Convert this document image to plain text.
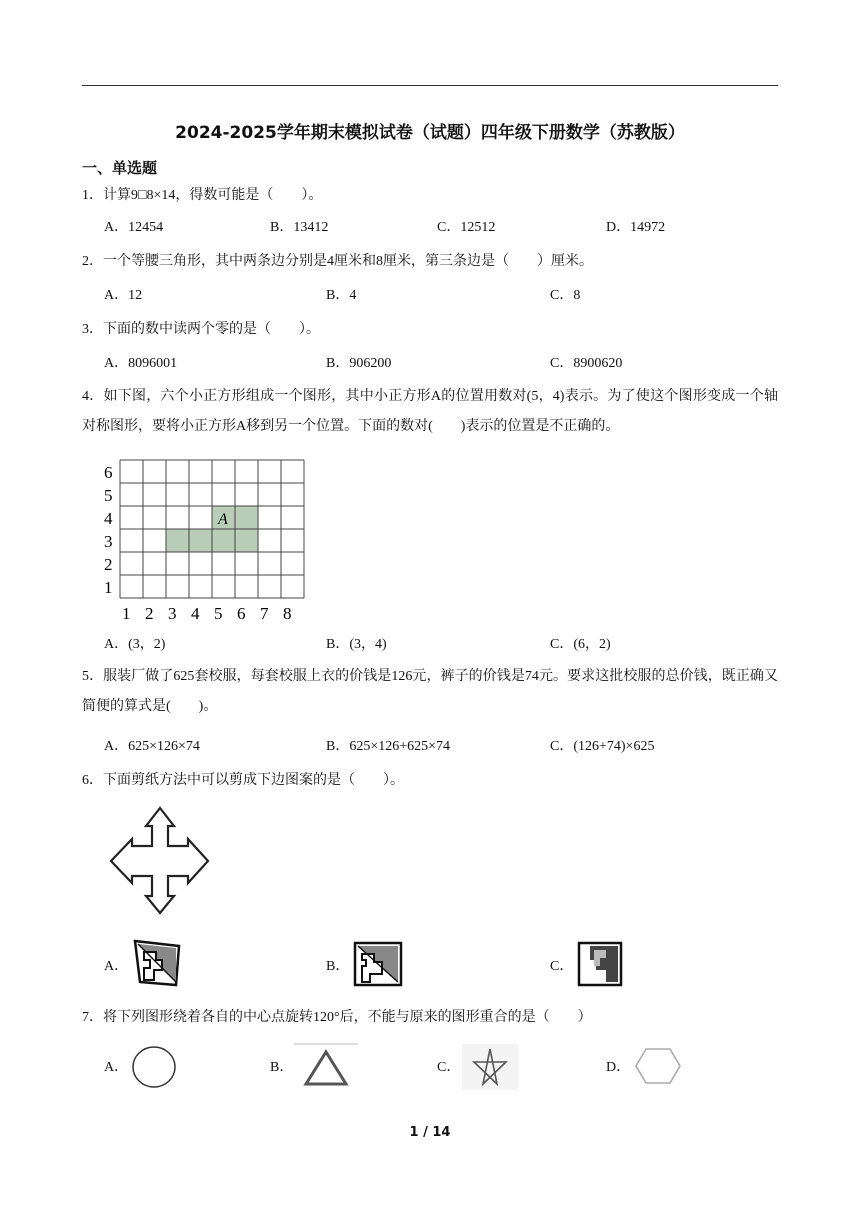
2024-2025学年期末模拟试卷（试题）四年级下册数学（苏教版）
一、单选题
1．计算9□8×14，得数可能是（　　）。
A．12454	B．13412	C．12512	D．14972
2．一个等腰三角形，其中两条边分别是4厘米和8厘米，第三条边是（　　）厘米。
A．12	B．4	C．8
3．下面的数中读两个零的是（　　）。
A．8096001	B．906200	C．8900620
4．如下图，六个小正方形组成一个图形，其中小正方形A的位置用数对(5，4)表示。为了使这个图形变成一个轴对称图形，要将小正方形A移到另一个位置。下面的数对(　　)表示的位置是不正确的。
A
6
5
4
3
2
1
1 2 3 4 5 6 7 8
A．(3，2)	B．(3，4)	C．(6，2)
5．服装厂做了625套校服，每套校服上衣的价钱是126元，裤子的价钱是74元。要求这批校服的总价钱，既正确又简便的算式是(　　)。
A．625×126×74	B．625×126+625×74	C．(126+74)×625
6．下面剪纸方法中可以剪成下边图案的是（　　）。
A．	B．	C．
7．将下列图形绕着各自的中心点旋转120°后，不能与原来的图形重合的是（　　）
A．	B．	C．	D．
1 / 14
